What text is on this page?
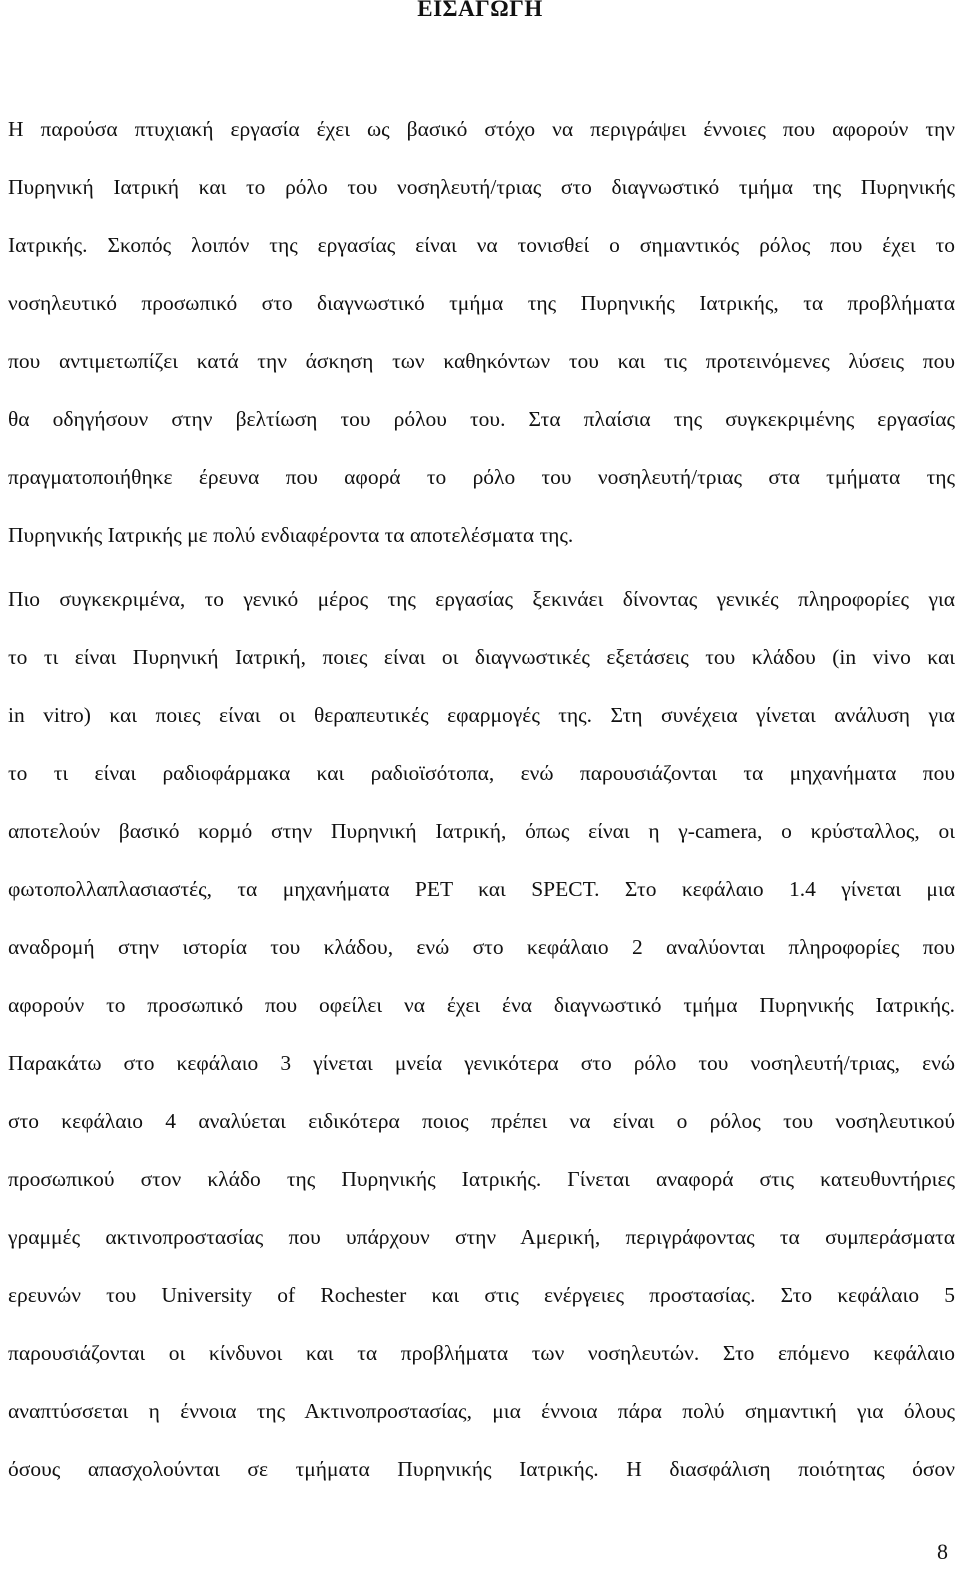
ΕΙΣΑΓΩΓΗ

Η παρούσα πτυχιακή εργασία έχει ως βασικό στόχο να περιγράψει έννοιες που αφορούν την

Πυρηνική Ιατρική και το ρόλο του νοσηλευτή/τριας στο διαγνωστικό τμήμα της Πυρηνικής

Ιατρικής. Σκοπός λοιπόν της εργασίας είναι να τονισθεί ο σημαντικός ρόλος που έχει το

νοσηλευτικό προσωπικό στο διαγνωστικό τμήμα της Πυρηνικής Ιατρικής, τα προβλήματα

που αντιμετωπίζει κατά την άσκηση των καθηκόντων του και τις προτεινόμενες λύσεις που

θα οδηγήσουν στην βελτίωση του ρόλου του. Στα πλαίσια της συγκεκριμένης εργασίας

πραγματοποιήθηκε έρευνα που αφορά το ρόλο του νοσηλευτή/τριας στα τμήματα της

Πυρηνικής Ιατρικής με πολύ ενδιαφέροντα τα αποτελέσματα της.

Πιο συγκεκριμένα, το γενικό μέρος της εργασίας ξεκινάει δίνοντας γενικές πληροφορίες για

το τι είναι Πυρηνική Ιατρική, ποιες είναι οι διαγνωστικές εξετάσεις του κλάδου (in vivo και

in vitro) και ποιες είναι οι θεραπευτικές εφαρμογές της. Στη συνέχεια γίνεται ανάλυση για

το τι είναι ραδιοφάρμακα και ραδιοϊσότοπα, ενώ παρουσιάζονται τα μηχανήματα που

αποτελούν βασικό κορμό στην Πυρηνική Ιατρική, όπως είναι η γ-camera, ο κρύσταλλος, οι

φωτοπολλαπλασιαστές, τα μηχανήματα PET και SPECT. Στο κεφάλαιο 1.4 γίνεται μια

αναδρομή στην ιστορία του κλάδου, ενώ στο κεφάλαιο 2 αναλύονται πληροφορίες που

αφορούν το προσωπικό που οφείλει να έχει ένα διαγνωστικό τμήμα Πυρηνικής Ιατρικής.

Παρακάτω στο κεφάλαιο 3 γίνεται μνεία γενικότερα στο ρόλο του νοσηλευτή/τριας, ενώ

στο κεφάλαιο 4 αναλύεται ειδικότερα ποιος πρέπει να είναι ο ρόλος του νοσηλευτικού

προσωπικού στον κλάδο της Πυρηνικής Ιατρικής. Γίνεται αναφορά στις κατευθυντήριες

γραμμές ακτινοπροστασίας που υπάρχουν στην Αμερική, περιγράφοντας τα συμπεράσματα

ερευνών του University of Rochester και στις ενέργειες προστασίας. Στο κεφάλαιο 5

παρουσιάζονται οι κίνδυνοι και τα προβλήματα των νοσηλευτών. Στο επόμενο κεφάλαιο

αναπτύσσεται η έννοια της Ακτινοπροστασίας, μια έννοια πάρα πολύ σημαντική για όλους

όσους απασχολούνται σε τμήματα Πυρηνικής Ιατρικής. Η διασφάλιση ποιότητας όσον

8
